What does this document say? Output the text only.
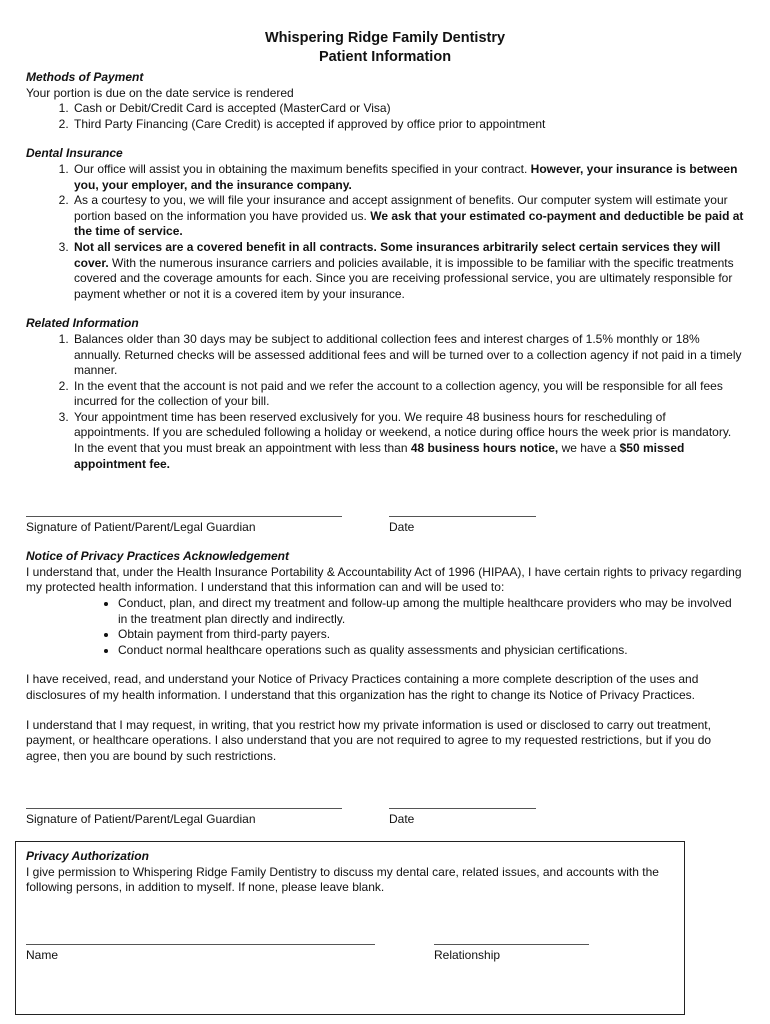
Whispering Ridge Family Dentistry

Patient Information

Methods of Payment

Your portion is due on the date service is rendered

1. Cash or Debit/Credit Card is accepted (MasterCard or Visa)
2. Third Party Financing (Care Credit) is accepted if approved by office prior to appointment
Dental Insurance
1. Our office will assist you in obtaining the maximum benefits specified in your contract. However, your insurance is between you, your employer, and the insurance company.
2. As a courtesy to you, we will file your insurance and accept assignment of benefits. Our computer system will estimate your portion based on the information you have provided us. We ask that your estimated co-payment and deductible be paid at the time of service.
3. Not all services are a covered benefit in all contracts. Some insurances arbitrarily select certain services they will cover. With the numerous insurance carriers and policies available, it is impossible to be familiar with the specific treatments covered and the coverage amounts for each. Since you are receiving professional service, you are ultimately responsible for payment whether or not it is a covered item by your insurance.
Related Information
1. Balances older than 30 days may be subject to additional collection fees and interest charges of 1.5% monthly or 18% annually. Returned checks will be assessed additional fees and will be turned over to a collection agency if not paid in a timely manner.
2. In the event that the account is not paid and we refer the account to a collection agency, you will be responsible for all fees incurred for the collection of your bill.
3. Your appointment time has been reserved exclusively for you. We require 48 business hours for rescheduling of appointments. If you are scheduled following a holiday or weekend, a notice during office hours the week prior is mandatory. In the event that you must break an appointment with less than 48 business hours notice, we have a $50 missed appointment fee.
Signature of Patient/Parent/Legal Guardian	Date
Notice of Privacy Practices Acknowledgement

I understand that, under the Health Insurance Portability & Accountability Act of 1996 (HIPAA), I have certain rights to privacy regarding my protected health information. I understand that this information can and will be used to:

• Conduct, plan, and direct my treatment and follow-up among the multiple healthcare providers who may be involved in the treatment plan directly and indirectly.
• Obtain payment from third-party payers.
• Conduct normal healthcare operations such as quality assessments and physician certifications.

I have received, read, and understand your Notice of Privacy Practices containing a more complete description of the uses and disclosures of my health information. I understand that this organization has the right to change its Notice of Privacy Practices.

I understand that I may request, in writing, that you restrict how my private information is used or disclosed to carry out treatment, payment, or healthcare operations. I also understand that you are not required to agree to my requested restrictions, but if you do agree, then you are bound by such restrictions.

Signature of Patient/Parent/Legal Guardian	Date
Privacy Authorization

I give permission to Whispering Ridge Family Dentistry to discuss my dental care, related issues, and accounts with the following persons, in addition to myself. If none, please leave blank.

Name	Relationship
